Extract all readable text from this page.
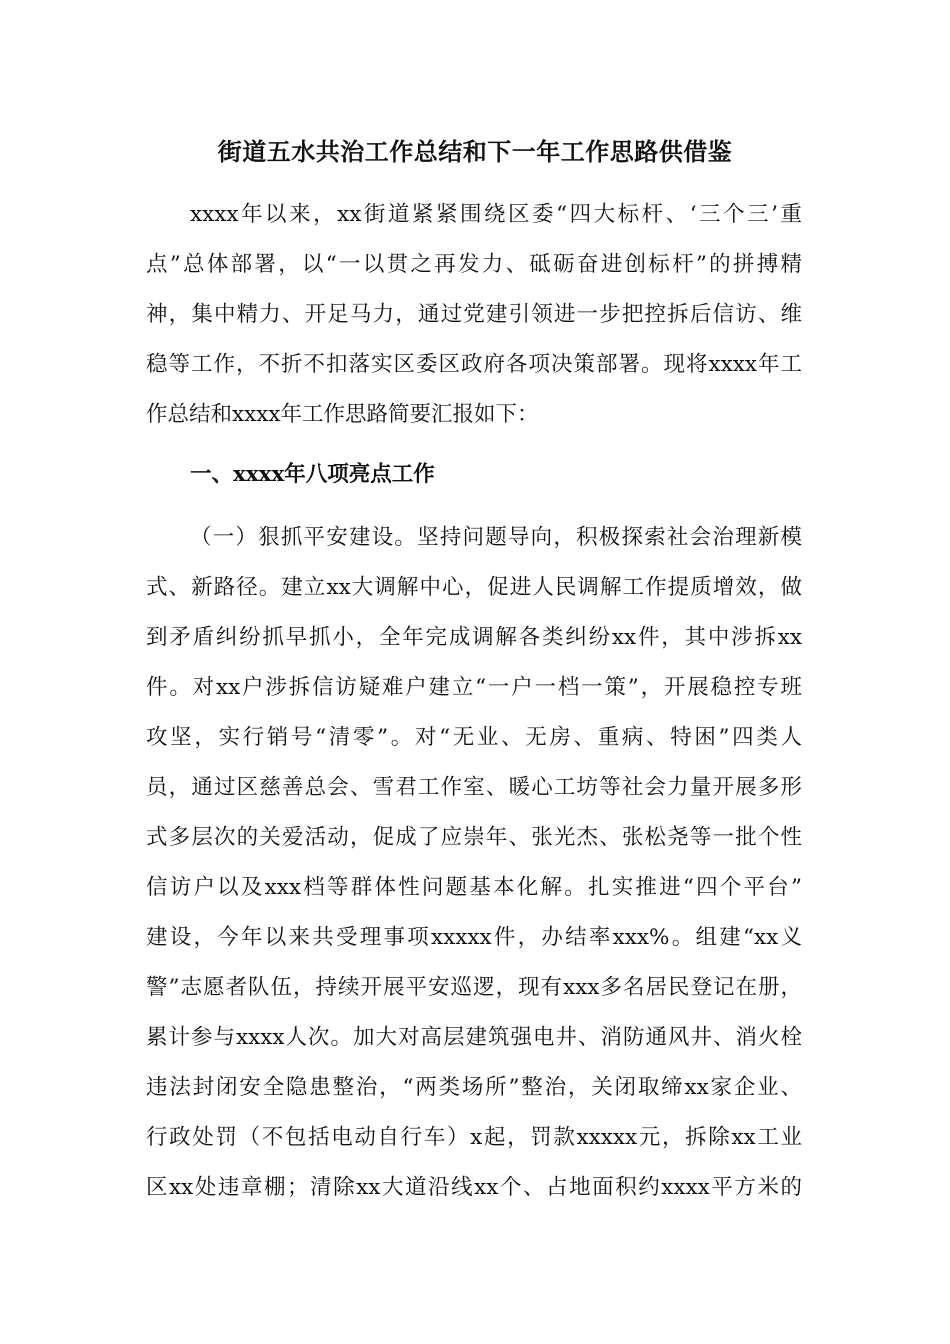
街道五水共治工作总结和下一年工作思路供借鉴
xxxx年以来，xx街道紧紧围绕区委“四大标杆、‘三个三’重
点”总体部署，以“一以贯之再发力、砥砺奋进创标杆”的拼搏精
神，集中精力、开足马力，通过党建引领进一步把控拆后信访、维
稳等工作，不折不扣落实区委区政府各项决策部署。现将xxxx年工
作总结和xxxx年工作思路简要汇报如下：
一、xxxx年八项亮点工作
（一）狠抓平安建设。坚持问题导向，积极探索社会治理新模
式、新路径。建立xx大调解中心，促进人民调解工作提质增效，做
到矛盾纠纷抓早抓小，全年完成调解各类纠纷xx件，其中涉拆xx
件。对xx户涉拆信访疑难户建立“一户一档一策”，开展稳控专班
攻坚，实行销号“清零”。对“无业、无房、重病、特困”四类人
员，通过区慈善总会、雪君工作室、暖心工坊等社会力量开展多形
式多层次的关爱活动，促成了应崇年、张光杰、张松尧等一批个性
信访户以及xxx档等群体性问题基本化解。扎实推进“四个平台”
建设，今年以来共受理事项xxxxx件，办结率xxx%。组建“xx义
警”志愿者队伍，持续开展平安巡逻，现有xxx多名居民登记在册，
累计参与xxxx人次。加大对高层建筑强电井、消防通风井、消火栓
违法封闭安全隐患整治，“两类场所”整治，关闭取缔xx家企业、
行政处罚（不包括电动自行车）x起，罚款xxxxx元，拆除xx工业
区xx处违章棚；清除xx大道沿线xx个、占地面积约xxxx平方米的
